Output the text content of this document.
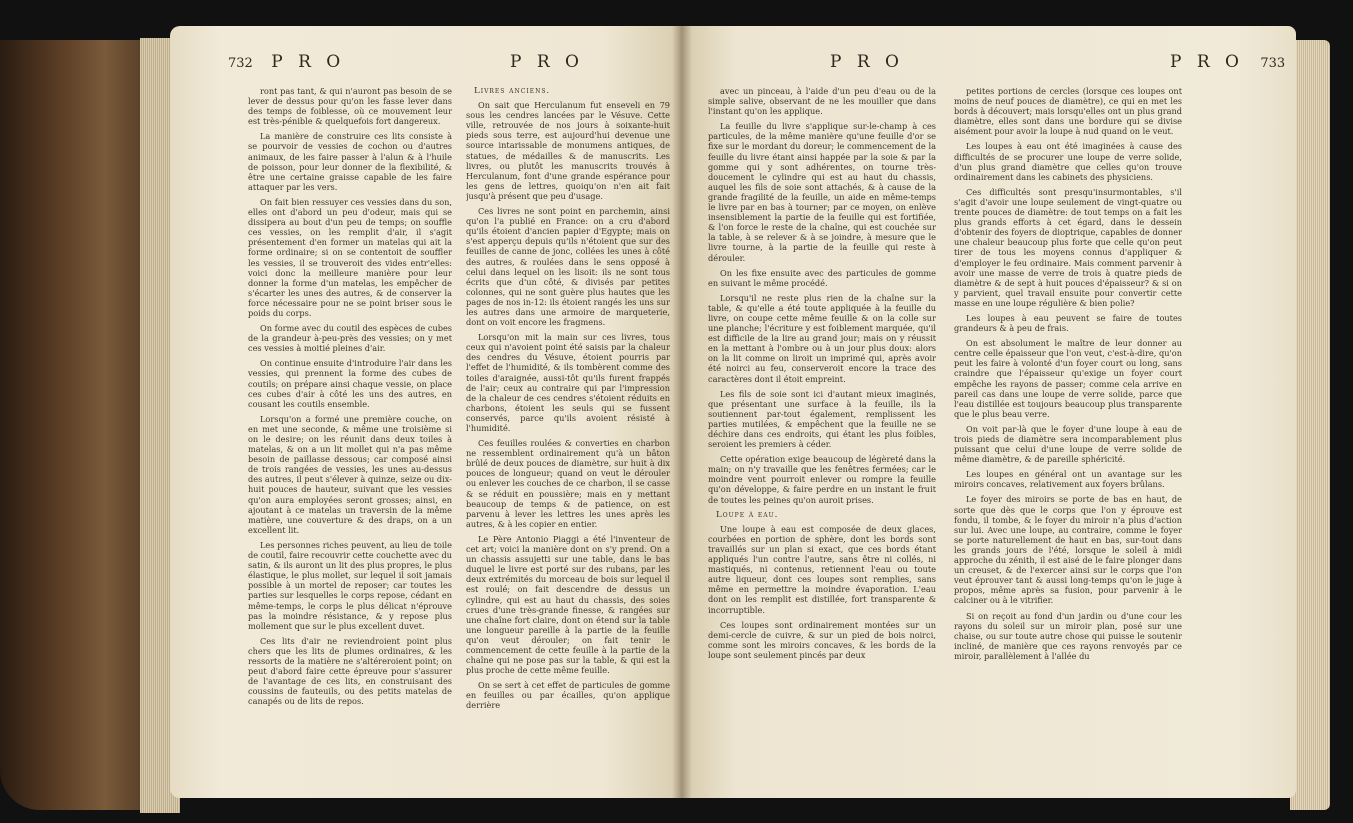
732 P R O	P R O	P R O	P R O 733

ront pas tant, & qui n'auront pas besoin de se lever de dessus pour qu'on les fasse lever dans des temps de foiblesse, où ce mouvement leur est très-pénible & quelquefois fort dangereux.

La manière de construire ces lits consiste à se pourvoir de vessies de cochon ou d'autres animaux, de les faire passer à l'alun & à l'huile de poisson, pour leur donner de la flexibilité, & être une certaine graisse capable de les faire attaquer par les vers.

On fait bien ressuyer ces vessies dans du son, elles ont d'abord un peu d'odeur, mais qui se dissipera au bout d'un peu de temps; on souffle ces vessies, on les remplit d'air, il s'agit présentement d'en former un matelas qui ait la forme ordinaire; si on se contentoit de souffler les vessies, il se trouveroit des vides entr'elles: voici donc la meilleure manière pour leur donner la forme d'un matelas, les empêcher de s'écarter les unes des autres, & de conserver la force nécessaire pour ne se point briser sous le poids du corps.

On forme avec du coutil des espèces de cubes de la grandeur à-peu-près des vessies; on y met ces vessies à moitié pleines d'air.

On continue ensuite d'introduire l'air dans les vessies, qui prennent la forme des cubes de coutils; on prépare ainsi chaque vessie, on place ces cubes d'air à côté les uns des autres, en cousant les coutils ensemble.

Lorsqu'on a formé une première couche, on en met une seconde, & même une troisième si on le desire; on les réunit dans deux toiles à matelas, & on a un lit mollet qui n'a pas même besoin de paillasse dessous; car composé ainsi de trois rangées de vessies, les unes au-dessus des autres, il peut s'élever à quinze, seize ou dix-huit pouces de hauteur, suivant que les vessies qu'on aura employées seront grosses; ainsi, en ajoutant à ce matelas un traversin de la même matière, une couverture & des draps, on a un excellent lit.

Les personnes riches peuvent, au lieu de toile de coutil, faire recouvrir cette couchette avec du satin, & ils auront un lit des plus propres, le plus élastique, le plus mollet, sur lequel il soit jamais possible à un mortel de reposer; car toutes les parties sur lesquelles le corps repose, cédant en même-temps, le corps le plus délicat n'éprouve pas la moindre résistance, & y repose plus mollement que sur le plus excellent duvet.

Ces lits d'air ne reviendroient point plus chers que les lits de plumes ordinaires, & les ressorts de la matière ne s'altéreroient point; on peut d'abord faire cette épreuve pour s'assurer de l'avantage de ces lits, en construisant des coussins de fauteuils, ou des petits matelas de canapés ou de lits de repos.

Livres anciens.

On sait que Herculanum fut enseveli en 79 sous les cendres lancées par le Vésuve. Cette ville, retrouvée de nos jours à soixante-huit pieds sous terre, est aujourd'hui devenue une source intarissable de monumens antiques, de statues, de médailles & de manuscrits. Les livres, ou plutôt les manuscrits trouvés à Herculanum, font d'une grande espérance pour les gens de lettres, quoiqu'on n'en ait fait jusqu'à présent que peu d'usage.

Ces livres ne sont point en parchemin, ainsi qu'on l'a publié en France: on a cru d'abord qu'ils étoient d'ancien papier d'Egypte; mais on s'est apperçu depuis qu'ils n'étoient que sur des feuilles de canne de jonc, collées les unes à côté des autres, & roulées dans le sens opposé à celui dans lequel on les lisoit: ils ne sont tous écrits que d'un côté, & divisés par petites colonnes, qui ne sont guère plus hautes que les pages de nos in-12: ils étoient rangés les uns sur les autres dans une armoire de marqueterie, dont on voit encore les fragmens.

Lorsqu'on mit la main sur ces livres, tous ceux qui n'avoient point été saisis par la chaleur des cendres du Vésuve, étoient pourris par l'effet de l'humidité, & ils tombèrent comme des toiles d'araignée, aussi-tôt qu'ils furent frappés de l'air; ceux au contraire qui par l'impression de la chaleur de ces cendres s'étoient réduits en charbons, étoient les seuls qui se fussent conservés, parce qu'ils avoient résisté à l'humidité.

Ces feuilles roulées & converties en charbon ne ressemblent ordinairement qu'à un bâton brûlé de deux pouces de diamètre, sur huit à dix pouces de longueur; quand on veut le dérouler ou enlever les couches de ce charbon, il se casse & se réduit en poussière; mais en y mettant beaucoup de temps & de patience, on est parvenu à lever les lettres les unes après les autres, & à les copier en entier.

Le Père Antonio Piaggi a été l'inventeur de cet art; voici la manière dont on s'y prend. On a un chassis assujetti sur une table, dans le bas duquel le livre est porté sur des rubans, par les deux extrémités du morceau de bois sur lequel il est roulé; on fait descendre de dessus un cylindre, qui est au haut du chassis, des soies crues d'une très-grande finesse, & rangées sur une chaîne fort claire, dont on étend sur la table une longueur pareille à la partie de la feuille qu'on veut dérouler; on fait tenir le commencement de cette feuille à la partie de la chaîne qui ne pose pas sur la table, & qui est la plus proche de cette même feuille.

On se sert à cet effet de particules de gomme en feuilles ou par écailles, qu'on applique derrière

avec un pinceau, à l'aide d'un peu d'eau ou de la simple salive, observant de ne les mouiller que dans l'instant qu'on les applique.

La feuille du livre s'applique sur-le-champ à ces particules, de la même manière qu'une feuille d'or se fixe sur le mordant du doreur; le commencement de la feuille du livre étant ainsi happée par la soie & par la gomme qui y sont adhérentes, on tourne très-doucement le cylindre qui est au haut du chassis, auquel les fils de soie sont attachés, & à cause de la grande fragilité de la feuille, un aide en même-temps le livre par en bas à tourner; par ce moyen, on enlève insensiblement la partie de la feuille qui est fortifiée, & l'on force le reste de la chaîne, qui est couchée sur la table, à se relever & à se joindre, à mesure que le livre tourne, à la partie de la feuille qui reste à dérouler.

On les fixe ensuite avec des particules de gomme en suivant le même procédé.

Lorsqu'il ne reste plus rien de la chaîne sur la table, & qu'elle a été toute appliquée à la feuille du livre, on coupe cette même feuille & on la colle sur une planche; l'écriture y est foiblement marquée, qu'il est difficile de la lire au grand jour; mais on y réussit en la mettant à l'ombre ou à un jour plus doux: alors on la lit comme on liroit un imprimé qui, après avoir été noirci au feu, conserveroit encore la trace des caractères dont il étoit empreint.

Les fils de soie sont ici d'autant mieux imaginés, que présentant une surface à la feuille, ils la soutiennent par-tout également, remplissent les parties mutilées, & empêchent que la feuille ne se déchire dans ces endroits, qui étant les plus foibles, seroient les premiers à céder.

Cette opération exige beaucoup de légèreté dans la main; on n'y travaille que les fenêtres fermées; car le moindre vent pourroit enlever ou rompre la feuille qu'on développe, & faire perdre en un instant le fruit de toutes les peines qu'on auroit prises.

Loupe à eau.

Une loupe à eau est composée de deux glaces, courbées en portion de sphère, dont les bords sont travaillés sur un plan si exact, que ces bords étant appliqués l'un contre l'autre, sans être ni collés, ni mastiqués, ni contenus, retiennent l'eau ou toute autre liqueur, dont ces loupes sont remplies, sans même en permettre la moindre évaporation. L'eau dont on les remplit est distillée, fort transparente & incorruptible.

Ces loupes sont ordinairement montées sur un demi-cercle de cuivre, & sur un pied de bois noirci, comme sont les miroirs concaves, & les bords de la loupe sont seulement pincés par deux

petites portions de cercles (lorsque ces loupes ont moins de neuf pouces de diamètre), ce qui en met les bords à découvert; mais lorsqu'elles ont un plus grand diamètre, elles sont dans une bordure qui se divise aisément pour avoir la loupe à nud quand on le veut.

Les loupes à eau ont été imaginées à cause des difficultés de se procurer une loupe de verre solide, d'un plus grand diamètre que celles qu'on trouve ordinairement dans les cabinets des physiciens.

Ces difficultés sont presqu'insurmontables, s'il s'agit d'avoir une loupe seulement de vingt-quatre ou trente pouces de diamètre: de tout temps on a fait les plus grands efforts à cet égard, dans le dessein d'obtenir des foyers de dioptrique, capables de donner une chaleur beaucoup plus forte que celle qu'on peut tirer de tous les moyens connus d'appliquer & d'employer le feu ordinaire. Mais comment parvenir à avoir une masse de verre de trois à quatre pieds de diamètre & de sept à huit pouces d'épaisseur? & si on y parvient, quel travail ensuite pour convertir cette masse en une loupe régulière & bien polie?

Les loupes à eau peuvent se faire de toutes grandeurs & à peu de frais.

On est absolument le maître de leur donner au centre celle épaisseur que l'on veut, c'est-à-dire, qu'on peut les faire à volonté d'un foyer court ou long, sans craindre que l'épaisseur qu'exige un foyer court empêche les rayons de passer; comme cela arrive en pareil cas dans une loupe de verre solide, parce que l'eau distillée est toujours beaucoup plus transparente que le plus beau verre.

On voit par-là que le foyer d'une loupe à eau de trois pieds de diamètre sera incomparablement plus puissant que celui d'une loupe de verre solide de même diamètre, & de pareille sphéricité.

Les loupes en général ont un avantage sur les miroirs concaves, relativement aux foyers brûlans.

Le foyer des miroirs se porte de bas en haut, de sorte que dès que le corps que l'on y éprouve est fondu, il tombe, & le foyer du miroir n'a plus d'action sur lui. Avec une loupe, au contraire, comme le foyer se porte naturellement de haut en bas, sur-tout dans les grands jours de l'été, lorsque le soleil à midi approche du zénith, il est aisé de le faire plonger dans un creuset, & de l'exercer ainsi sur le corps que l'on veut éprouver tant & aussi long-temps qu'on le juge à propos, même après sa fusion, pour parvenir à le calciner ou à le vitrifier.

Si on reçoit au fond d'un jardin ou d'une cour les rayons du soleil sur un miroir plan, posé sur une chaise, ou sur toute autre chose qui puisse le soutenir incliné, de manière que ces rayons renvoyés par ce miroir, parallèlement à l'allée du
